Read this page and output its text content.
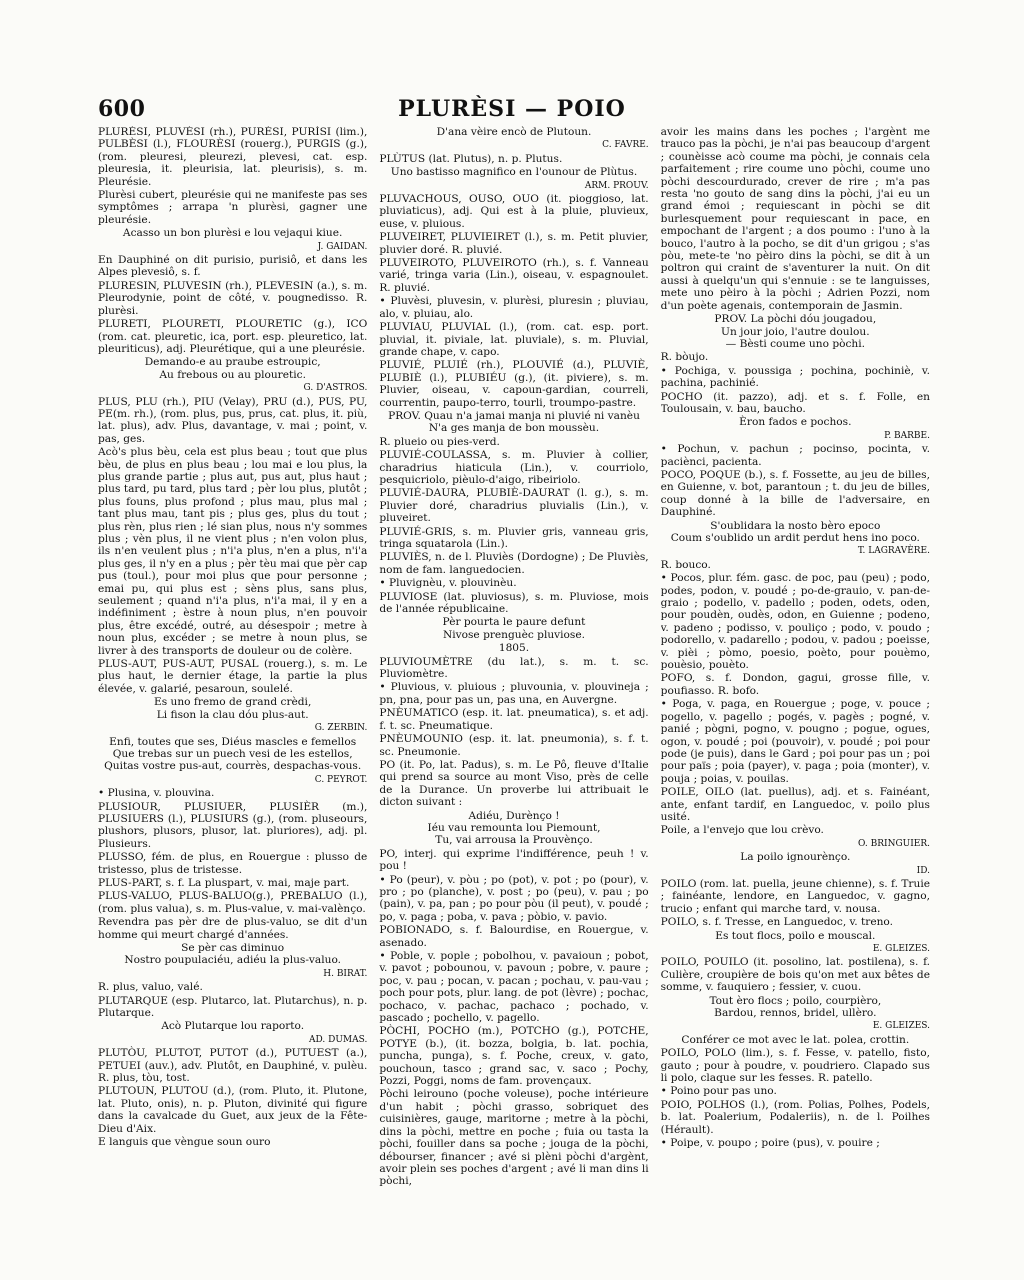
600	PLURÈSI — POIO

PLURÈSI, PLUVÈSI (rh.), PURÈSI, PURÌSI (lim.), PULBÈSI (l.), FLOURÈSI (rouerg.), PURGIS (g.), (rom. pleuresi, pleurezi, plevesi, cat. esp. pleuresia, it. pleurisia, lat. pleurisis), s. m. Pleurésie.

Plurèsi cubert, pleurésie qui ne manifeste pas ses symptômes ; arrapa 'n plurèsi, gagner une pleurésie.

Acasso un bon plurèsi e lou vejaqui kiue.

J. GAIDAN.

En Dauphiné on dit purisio, purisiô, et dans les Alpes plevesiô, s. f.

PLURESIN, PLUVESIN (rh.), PLEVESIN (a.), s. m. Pleurodynie, point de côté, v. pougnedisso. R. plurèsi.

PLURETI, PLOURETI, PLOURETIC (g.), ICO (rom. cat. pleuretic, ica, port. esp. pleuretico, lat. pleuriticus), adj. Pleurétique, qui a une pleurésie.

Demando-e au praube estroupic,
Au frebous ou au plouretic.

G. D'ASTROS.

PLUS, PLU (rh.), PIU (Velay), PRU (d.), PUS, PU, PE(m. rh.), (rom. plus, pus, prus, cat. plus, it. più, lat. plus), adv. Plus, davantage, v. mai ; point, v. pas, ges.

Acò's plus bèu, cela est plus beau ; tout que plus bèu, de plus en plus beau ; lou mai e lou plus, la plus grande partie ; plus aut, pus aut, plus haut ; plus tard, pu tard, plus tard ; pèr lou plus, plutôt ; plus founs, plus profond ; plus mau, plus mal ; tant plus mau, tant pis ; plus ges, plus du tout ; plus rèn, plus rien ; lé sian plus, nous n'y sommes plus ; vèn plus, il ne vient plus ; n'en volon plus, ils n'en veulent plus ; n'i'a plus, n'en a plus, n'i'a plus ges, il n'y en a plus ; pèr tèu mai que pèr cap pus (toul.), pour moi plus que pour personne ; emai pu, qui plus est ; sèns plus, sans plus, seulement ; quand n'i'a plus, n'i'a mai, il y en a indéfiniment ; èstre à noun plus, n'en pouvoir plus, être excédé, outré, au désespoir ; metre à noun plus, excéder ; se metre à noun plus, se livrer à des transports de douleur ou de colère.

PLUS-AUT, PUS-AUT, PUSAL (rouerg.), s. m. Le plus haut, le dernier étage, la partie la plus élevée, v. galarié, pesaroun, soulelé.

Es uno fremo de grand crèdi,
Li fison la clau dóu plus-aut.

G. ZERBIN.

Enfi, toutes que ses, Diéus mascles e femellos
Que trebas sur un puech vesi de les estellos,
Quitas vostre pus-aut, courrès, despachas-vous.

C. PEYROT.

• Plusina, v. plouvina.

PLUSIOUR, PLUSIUER, PLUSIÈR (m.), PLUSIUERS (l.), PLUSIURS (g.), (rom. pluseours, plushors, plusors, plusor, lat. pluriores), adj. pl. Plusieurs.

PLUSSO, fém. de plus, en Rouergue : plusso de tristesso, plus de tristesse.

PLUS-PART, s. f. La pluspart, v. mai, maje part.

PLUS-VALUO, PLUS-BALUO(g.), PREBALUO (l.), (rom. plus valua), s. m. Plus-value, v. mai-valènço.

Revendra pas pèr dre de plus-valuo, se dit d'un homme qui meurt chargé d'années.

Se pèr cas diminuo
Nostro poupulaciéu, adiéu la plus-valuo.

H. BIRAT.

R. plus, valuo, valé.

PLUTARQUE (esp. Plutarco, lat. Plutarchus), n. p. Plutarque.

Acò Plutarque lou raporto.

AD. DUMAS.

PLUTÒU, PLUTOT, PUTOT (d.), PUTUEST (a.), PETUEI (auv.), adv. Plutôt, en Dauphiné, v. pulèu. R. plus, tòu, tost.

PLUTOUN, PLUTOU (d.), (rom. Pluto, it. Plutone, lat. Pluto, onis), n. p. Pluton, divinité qui figure dans la cavalcade du Guet, aux jeux de la Fête-Dieu d'Aix.

E languis que vèngue soun ouro

D'ana vèire encò de Plutoun.

C. FAVRE.

PLÙTUS (lat. Plutus), n. p. Plutus.

Uno bastisso magnifico en l'ounour de Plùtus.

ARM. PROUV.

PLUVACHOUS, OUSO, OUO (it. pioggioso, lat. pluviaticus), adj. Qui est à la pluie, pluvieux, euse, v. pluious.

PLUVEIRET, PLUVIEIRET (l.), s. m. Petit pluvier, pluvier doré. R. pluvié.

PLUVEIROTO, PLUVEIROTO (rh.), s. f. Vanneau varié, tringa varia (Lin.), oiseau, v. espagnoulet. R. pluvié.

• Pluvèsi, pluvesin, v. plurèsi, pluresin ; pluviau, alo, v. pluiau, alo.

PLUVIAU, PLUVIAL (l.), (rom. cat. esp. port. pluvial, it. piviale, lat. pluviale), s. m. Pluvial, grande chape, v. capo.

PLUVIÉ, PLUIÉ (rh.), PLOUVIÉ (d.), PLUVIÈ, PLUBIÈ (l.), PLUBIÉU (g.), (it. piviere), s. m. Pluvier, oiseau, v. capoun-gardian, courreli, courrentin, paupo-terro, tourli, troumpo-pastre.

PROV. Quau n'a jamai manja ni pluvié ni vanèu
N'a ges manja de bon moussèu.

R. plueio ou pies-verd.

PLUVIÉ-COULASSA, s. m. Pluvier à collier, charadrius hiaticula (Lin.), v. courriolo, pesquicriolo, pièulo-d'aigo, ribeiriolo.

PLUVIÉ-DAURA, PLUBIÈ-DAURAT (l. g.), s. m. Pluvier doré, charadrius pluvialis (Lin.), v. pluveiret.

PLUVIÉ-GRIS, s. m. Pluvier gris, vanneau gris, tringa squatarola (Lin.).

PLUVIÈS, n. de l. Pluviès (Dordogne) ; De Pluviès, nom de fam. languedocien.

• Pluvignèu, v. plouvinèu.

PLUVIOSE (lat. pluviosus), s. m. Pluviose, mois de l'année républicaine.

Pèr pourta le paure defunt
Nivose prenguèc pluviose.

1805.

PLUVIOUMÈTRE (du lat.), s. m. t. sc. Pluviomètre.

• Pluvious, v. pluious ; pluvounia, v. plouvineja ; pn, pna, pour pas un, pas una, en Auvergne.

PNÈUMATICO (esp. it. lat. pneumatica), s. et adj. f. t. sc. Pneumatique.

PNÈUMOUNIO (esp. it. lat. pneumonia), s. f. t. sc. Pneumonie.

PO (it. Po, lat. Padus), s. m. Le Pô, fleuve d'Italie qui prend sa source au mont Viso, près de celle de la Durance. Un proverbe lui attribuait le dicton suivant :

Adiéu, Durènço !
Iéu vau remounta lou Piemount,
Tu, vai arrousa la Prouvènço.

PO, interj. qui exprime l'indifférence, peuh ! v. pou !

• Po (peur), v. pòu ; po (pot), v. pot ; po (pour), v. pro ; po (planche), v. post ; po (peu), v. pau ; po (pain), v. pa, pan ; po pour pòu (il peut), v. poudé ; po, v. paga ; poba, v. pava ; pòbio, v. pavio.

POBIONADO, s. f. Balourdise, en Rouergue, v. asenado.

• Poble, v. pople ; pobolhou, v. pavaioun ; pobot, v. pavot ; pobounou, v. pavoun ; pobre, v. paure ; poc, v. pau ; pocan, v. pacan ; pochau, v. pau-vau ; poch pour pots, plur. lang. de pot (lèvre) ; pochac, pochaco, v. pachac, pachaco ; pochado, v. pascado ; pochello, v. pagello.

PÒCHI, POCHO (m.), POTCHO (g.), POTCHE, POTYE (b.), (it. bozza, bolgia, b. lat. pochia, puncha, punga), s. f. Poche, creux, v. gato, pouchoun, tasco ; grand sac, v. saco ; Pochy, Pozzi, Poggi, noms de fam. provençaux.

Pòchi leirouno (poche voleuse), poche intérieure d'un habit ; pòchi grasso, sobriquet des cuisinières, gauge, maritorne ; metre à la pòchi, dins la pòchi, mettre en poche ; fuia ou tasta la pòchi, fouiller dans sa poche ; jouga de la pòchi, débourser, financer ; avé si plèni pòchi d'argènt, avoir plein ses poches d'argent ; avé li man dins li pòchi,

avoir les mains dans les poches ; l'argènt me trauco pas la pòchi, je n'ai pas beaucoup d'argent ; counèisse acò coume ma pòchi, je connais cela parfaitement ; rire coume uno pòchi, coume uno pòchi descourdurado, crever de rire ; m'a pas resta 'no gouto de sang dins la pòchi, j'ai eu un grand émoi ; requiescant in pòchi se dit burlesquement pour requiescant in pace, en empochant de l'argent ; a dos poumo : l'uno à la bouco, l'autro à la pocho, se dit d'un grigou ; s'as pòu, mete-te 'no pèiro dins la pòchi, se dit à un poltron qui craint de s'aventurer la nuit. On dit aussi à quelqu'un qui s'ennuie : se te languisses, mete uno pèiro à la pòchi ; Adrien Pozzi, nom d'un poète agenais, contemporain de Jasmin.

PROV. La pòchi dóu jougadou,
Un jour joio, l'autre doulou.
— Bèsti coume uno pòchi.

R. bòujo.

• Pochiga, v. poussiga ; pochina, pochiniè, v. pachina, pachinié.

POCHO (it. pazzo), adj. et s. f. Folle, en Toulousain, v. bau, baucho.

Èron fados e pochos.

P. BARBE.

• Pochun, v. pachun ; pocinso, pocinta, v. paciènci, pacienta.

POCO, POQUE (b.), s. f. Fossette, au jeu de billes, en Guienne, v. bot, parantoun ; t. du jeu de billes, coup donné à la bille de l'adversaire, en Dauphiné.

S'oublidara la nosto bèro epoco
Coum s'oublido un ardit perdut hens ino poco.

T. LAGRAVÈRE.

R. bouco.

• Pocos, plur. fém. gasc. de poc, pau (peu) ; podo, podes, podon, v. poudé ; po-de-grauio, v. pan-de-graio ; podello, v. padello ; poden, odets, oden, pour poudèn, oudès, odon, en Guienne ; podeno, v. padeno ; podisso, v. pouliço ; podo, v. poudo ; podorello, v. padarello ; podou, v. padou ; poeisse, v. pièi ; pòmo, poesio, poèto, pour pouèmo, pouèsio, pouèto.

POFO, s. f. Dondon, gagui, grosse fille, v. poufiasso. R. bofo.

• Poga, v. paga, en Rouergue ; poge, v. pouce ; pogello, v. pagello ; pogés, v. pagès ; pogné, v. panié ; pògni, pogno, v. pougno ; pogue, ogues, ogon, v. poudé ; poi (pouvoir), v. poudé ; poi pour pode (je puis), dans le Gard ; poi pour pas un ; poi pour païs ; poia (payer), v. paga ; poia (monter), v. pouja ; poias, v. pouilas.

POILE, OILO (lat. puellus), adj. et s. Fainéant, ante, enfant tardif, en Languedoc, v. poilo plus usité.

Poile, a l'envejo que lou crèvo.

O. BRINGUIER.

La poilo ignourènço.

ID.

POILO (rom. lat. puella, jeune chienne), s. f. Truie ; fainéante, lendore, en Languedoc, v. gagno, trucio ; enfant qui marche tard, v. nousa.

POILO, s. f. Tresse, en Languedoc, v. treno.

Es tout flocs, poilo e mouscal.

E. GLEIZES.

POILO, POUILO (it. posolino, lat. postilena), s. f. Culière, croupière de bois qu'on met aux bêtes de somme, v. fauquiero ; fessier, v. cuou.

Tout èro flocs ; poilo, courpièro,
Bardou, rennos, bridel, ullèro.

E. GLEIZES.

Conférer ce mot avec le lat. polea, crottin.

POILO, POLO (lim.), s. f. Fesse, v. patello, fisto, gauto ; pour à poudre, v. poudriero. Clapado sus li polo, claque sur les fesses. R. patello.

• Poino pour pas uno.

POIO, POLHOS (l.), (rom. Polias, Polhes, Podels, b. lat. Poalerium, Podaleriis), n. de l. Poilhes (Hérault).

• Poipe, v. poupo ; poire (pus), v. pouire ;
